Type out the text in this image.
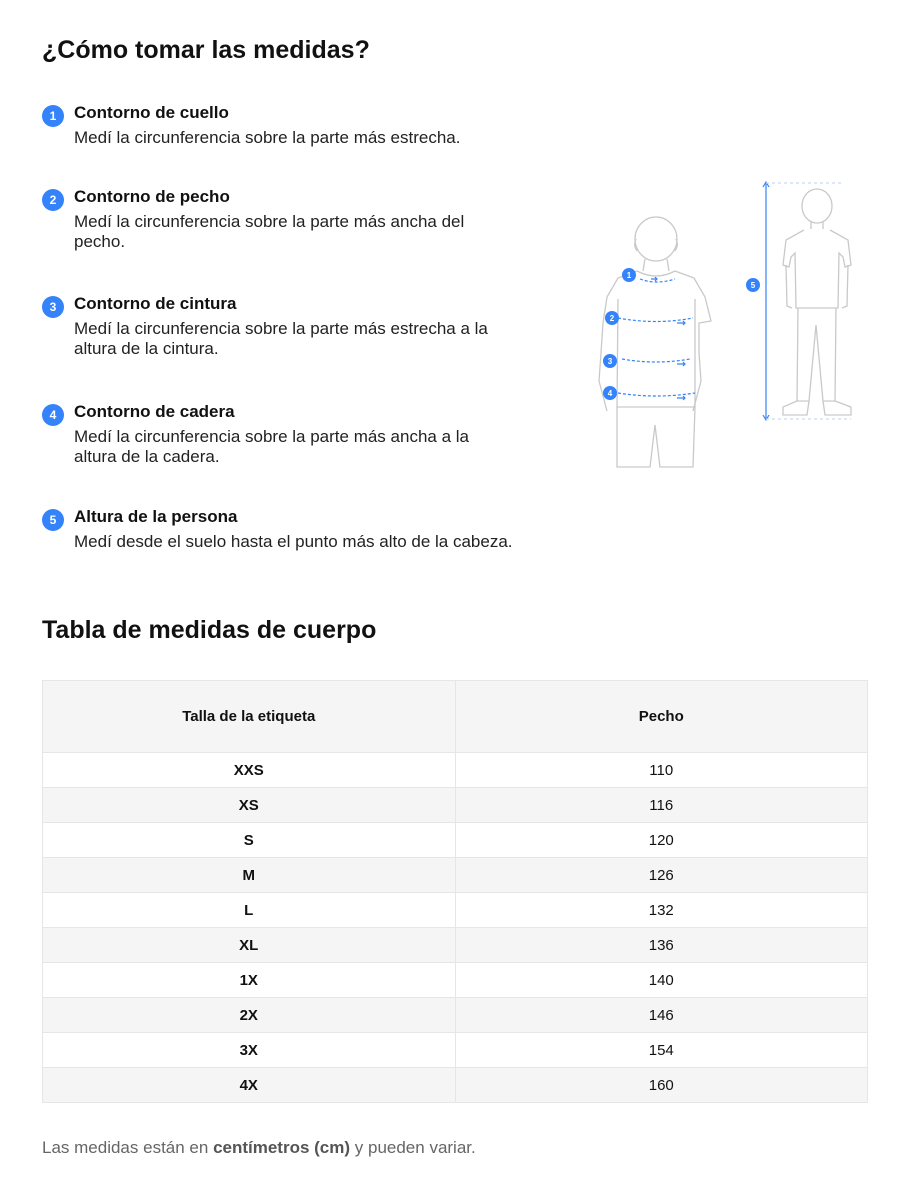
¿Cómo tomar las medidas?
1	Contorno de cuello
Medí la circunferencia sobre la parte más estrecha.
2	Contorno de pecho
Medí la circunferencia sobre la parte más ancha del pecho.
3	Contorno de cintura
Medí la circunferencia sobre la parte más estrecha a la altura de la cintura.
4	Contorno de cadera
Medí la circunferencia sobre la parte más ancha a la altura de la cadera.
5	Altura de la persona
Medí desde el suelo hasta el punto más alto de la cabeza.
1
2
3
4
5
Tabla de medidas de cuerpo
Talla de la etiqueta	Pecho
XXS	110
XS	116
S	120
M	126
L	132
XL	136
1X	140
2X	146
3X	154
4X	160
Las medidas están en centímetros (cm) y pueden variar.
